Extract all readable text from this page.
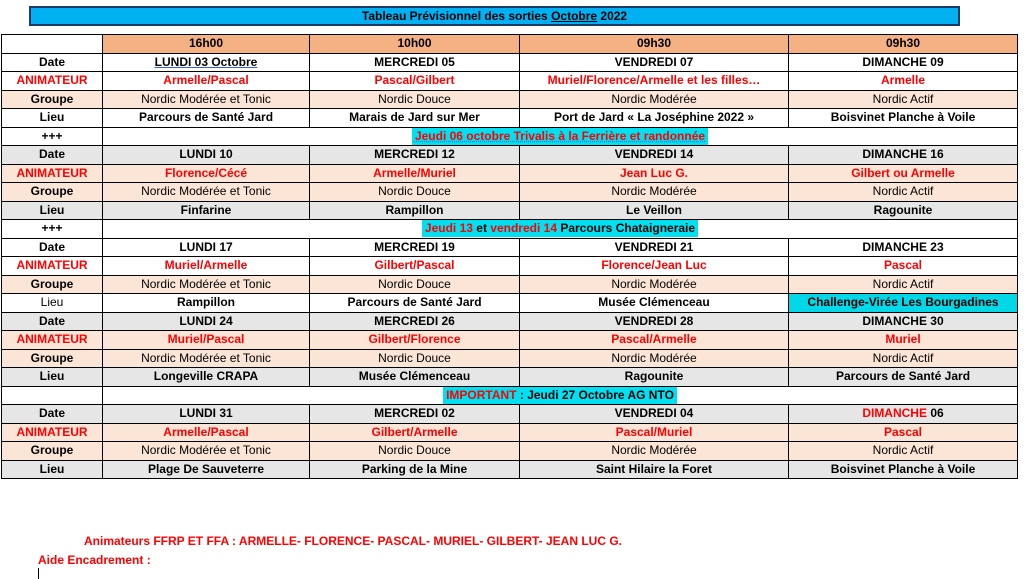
Tableau Prévisionnel des sorties Octobre 2022
	16h00	10h00	09h30	09h30
Date	LUNDI 03 Octobre	MERCREDI 05	VENDREDI 07	DIMANCHE 09
ANIMATEUR	Armelle/Pascal	Pascal/Gilbert	Muriel/Florence/Armelle et les filles…	Armelle
Groupe	Nordic Modérée et Tonic	Nordic Douce	Nordic Modérée	Nordic Actif
Lieu	Parcours de Santé Jard	Marais de Jard sur Mer	Port de Jard « La Joséphine 2022 »	Boisvinet Planche à Voile
+++	Jeudi 06 octobre Trivalis à la Ferrière et randonnée			
Date	LUNDI 10	MERCREDI 12	VENDREDI 14	DIMANCHE 16
ANIMATEUR	Florence/Cécé	Armelle/Muriel	Jean Luc G.	Gilbert ou Armelle
Groupe	Nordic Modérée et Tonic	Nordic Douce	Nordic Modérée	Nordic Actif
Lieu	Finfarine	Rampillon	Le Veillon	Ragounite
+++	Jeudi 13 et vendredi 14 Parcours Chataigneraie			
Date	LUNDI 17	MERCREDI 19	VENDREDI 21	DIMANCHE 23
ANIMATEUR	Muriel/Armelle	Gilbert/Pascal	Florence/Jean Luc	Pascal
Groupe	Nordic Modérée et Tonic	Nordic Douce	Nordic Modérée	Nordic Actif
Lieu	Rampillon	Parcours de Santé Jard	Musée Clémenceau	Challenge-Virée Les Bourgadines
Date	LUNDI 24	MERCREDI 26	VENDREDI 28	DIMANCHE 30
ANIMATEUR	Muriel/Pascal	Gilbert/Florence	Pascal/Armelle	Muriel
Groupe	Nordic Modérée et Tonic	Nordic Douce	Nordic Modérée	Nordic Actif
Lieu	Longeville CRAPA	Musée Clémenceau	Ragounite	Parcours de Santé Jard
	IMPORTANT : Jeudi 27 Octobre AG NTO			
Date	LUNDI 31	MERCREDI 02	VENDREDI 04	DIMANCHE 06
ANIMATEUR	Armelle/Pascal	Gilbert/Armelle	Pascal/Muriel	Pascal
Groupe	Nordic Modérée et Tonic	Nordic Douce	Nordic Modérée	Nordic Actif
Lieu	Plage De Sauveterre	Parking de la Mine	Saint Hilaire la Foret	Boisvinet Planche à Voile
Animateurs FFRP ET FFA : ARMELLE- FLORENCE- PASCAL- MURIEL- GILBERT- JEAN LUC G.
Aide Encadrement :
